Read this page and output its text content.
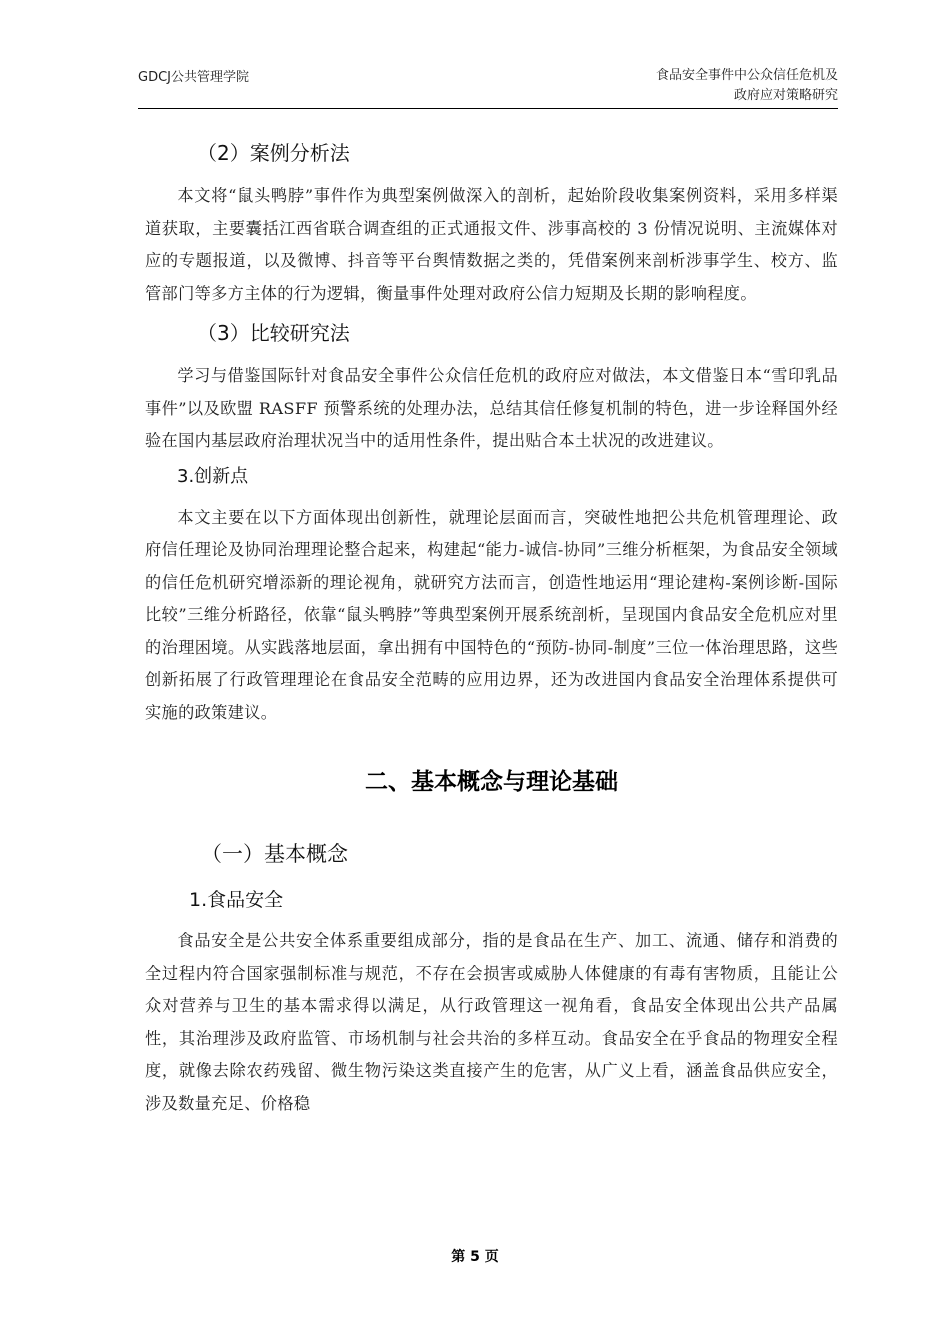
GDCJ公共管理学院	食品安全事件中公众信任危机及
政府应对策略研究
（2）案例分析法

本文将“鼠头鸭脖”事件作为典型案例做深入的剖析，起始阶段收集案例资料，采用多样渠道获取，主要囊括江西省联合调查组的正式通报文件、涉事高校的 3 份情况说明、主流媒体对应的专题报道，以及微博、抖音等平台舆情数据之类的，凭借案例来剖析涉事学生、校方、监管部门等多方主体的行为逻辑，衡量事件处理对政府公信力短期及长期的影响程度。

（3）比较研究法

学习与借鉴国际针对食品安全事件公众信任危机的政府应对做法，本文借鉴日本“雪印乳品事件”以及欧盟 RASFF 预警系统的处理办法，总结其信任修复机制的特色，进一步诠释国外经验在国内基层政府治理状况当中的适用性条件，提出贴合本土状况的改进建议。

3.创新点

本文主要在以下方面体现出创新性，就理论层面而言，突破性地把公共危机管理理论、政府信任理论及协同治理理论整合起来，构建起“能力-诚信-协同”三维分析框架，为食品安全领域的信任危机研究增添新的理论视角，就研究方法而言，创造性地运用“理论建构-案例诊断-国际比较”三维分析路径，依靠“鼠头鸭脖”等典型案例开展系统剖析，呈现国内食品安全危机应对里的治理困境。从实践落地层面，拿出拥有中国特色的“预防-协同-制度”三位一体治理思路，这些创新拓展了行政管理理论在食品安全范畴的应用边界，还为改进国内食品安全治理体系提供可实施的政策建议。

二、基本概念与理论基础
（一）基本概念
1.食品安全

食品安全是公共安全体系重要组成部分，指的是食品在生产、加工、流通、储存和消费的全过程内符合国家强制标准与规范，不存在会损害或威胁人体健康的有毒有害物质，且能让公众对营养与卫生的基本需求得以满足，从行政管理这一视角看，食品安全体现出公共产品属性，其治理涉及政府监管、市场机制与社会共治的多样互动。食品安全在乎食品的物理安全程度，就像去除农药残留、微生物污染这类直接产生的危害，从广义上看，涵盖食品供应安全，涉及数量充足、价格稳

第 5 页
